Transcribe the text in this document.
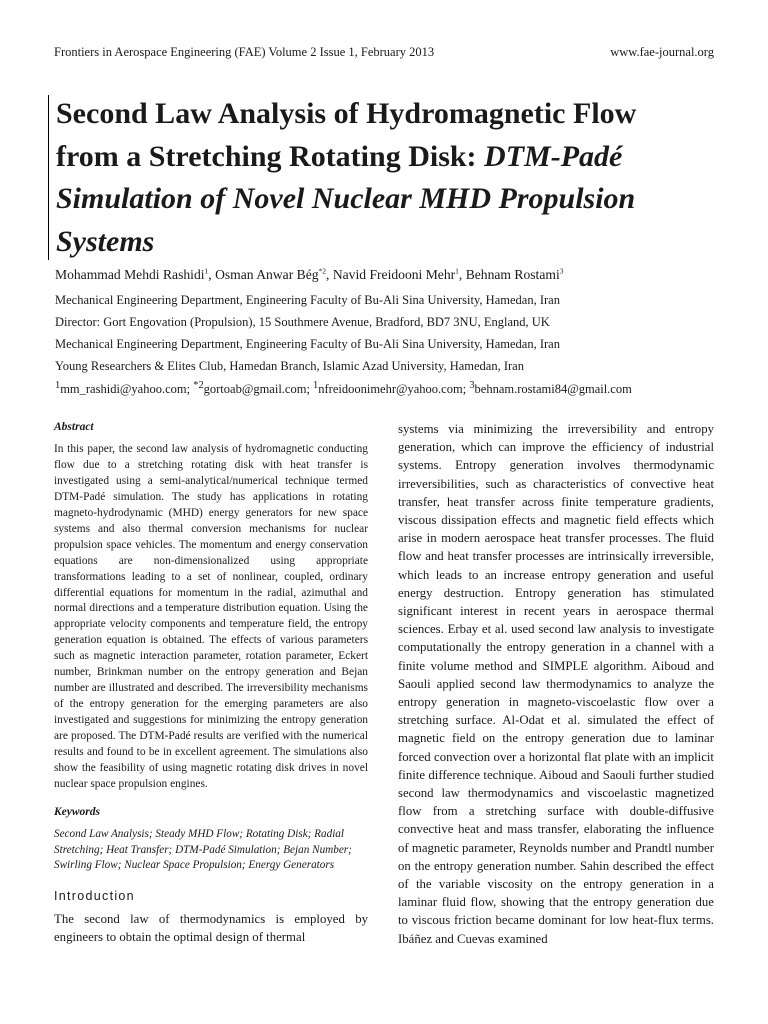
Frontiers in Aerospace Engineering (FAE) Volume 2 Issue 1, February 2013	www.fae-journal.org
Second Law Analysis of Hydromagnetic Flow
from a Stretching Rotating Disk: DTM-Padé
Simulation of Novel Nuclear MHD Propulsion
Systems
Mohammad Mehdi Rashidi$^1$, Osman Anwar Bég$^{*2}$, Navid Freidooni Mehr$^1$, Behnam Rostami$^3$
Mechanical Engineering Department, Engineering Faculty of Bu-Ali Sina University, Hamedan, Iran
Director: Gort Engovation (Propulsion), 15 Southmere Avenue, Bradford, BD7 3NU, England, UK
Mechanical Engineering Department, Engineering Faculty of Bu-Ali Sina University, Hamedan, Iran
Young Researchers & Elites Club, Hamedan Branch, Islamic Azad University, Hamedan, Iran
$^1$mm_rashidi@yahoo.com; $^{*2}$gortoab@gmail.com; $^1$nfreidoonimehr@yahoo.com; $^3$behnam.rostami84@gmail.com
Abstract

In this paper, the second law analysis of hydromagnetic conducting flow due to a stretching rotating disk with heat transfer is investigated using a semi-analytical/numerical technique termed DTM-Padé simulation. The study has applications in rotating magneto-hydrodynamic (MHD) energy generators for new space systems and also thermal conversion mechanisms for nuclear propulsion space vehicles. The momentum and energy conservation equations are non-dimensionalized using appropriate transformations leading to a set of nonlinear, coupled, ordinary differential equations for momentum in the radial, azimuthal and normal directions and a temperature distribution equation. Using the appropriate velocity components and temperature field, the entropy generation equation is obtained. The effects of various parameters such as magnetic interaction parameter, rotation parameter, Eckert number, Brinkman number on the entropy generation and Bejan number are illustrated and described. The irreversibility mechanisms of the entropy generation for the emerging parameters are also investigated and suggestions for minimizing the entropy generation are proposed. The DTM-Padé results are verified with the numerical results and found to be in excellent agreement. The simulations also show the feasibility of using magnetic rotating disk drives in novel nuclear space propulsion engines.

Keywords

Second Law Analysis; Steady MHD Flow; Rotating Disk; Radial Stretching; Heat Transfer; DTM-Padé Simulation; Bejan Number; Swirling Flow; Nuclear Space Propulsion; Energy Generators

Introduction

The second law of thermodynamics is employed by engineers to obtain the optimal design of thermal

systems via minimizing the irreversibility and entropy generation, which can improve the efficiency of industrial systems. Entropy generation involves thermodynamic irreversibilities, such as characteristics of convective heat transfer, heat transfer across finite temperature gradients, viscous dissipation effects and magnetic field effects which arise in modern aerospace heat transfer processes. The fluid flow and heat transfer processes are intrinsically irreversible, which leads to an increase entropy generation and useful energy destruction. Entropy generation has stimulated significant interest in recent years in aerospace thermal sciences. Erbay et al. used second law analysis to investigate computationally the entropy generation in a channel with a finite volume method and SIMPLE algorithm. Aiboud and Saouli applied second law thermodynamics to analyze the entropy generation in magneto-viscoelastic flow over a stretching surface. Al-Odat et al. simulated the effect of magnetic field on the entropy generation due to laminar forced convection over a horizontal flat plate with an implicit finite difference technique. Aiboud and Saouli further studied second law thermodynamics and viscoelastic magnetized flow from a stretching surface with double-diffusive convective heat and mass transfer, elaborating the influence of magnetic parameter, Reynolds number and Prandtl number on the entropy generation number. Sahin described the effect of the variable viscosity on the entropy generation in a laminar fluid flow, showing that the entropy generation due to viscous friction became dominant for low heat-flux terms. Ibáñez and Cuevas examined
